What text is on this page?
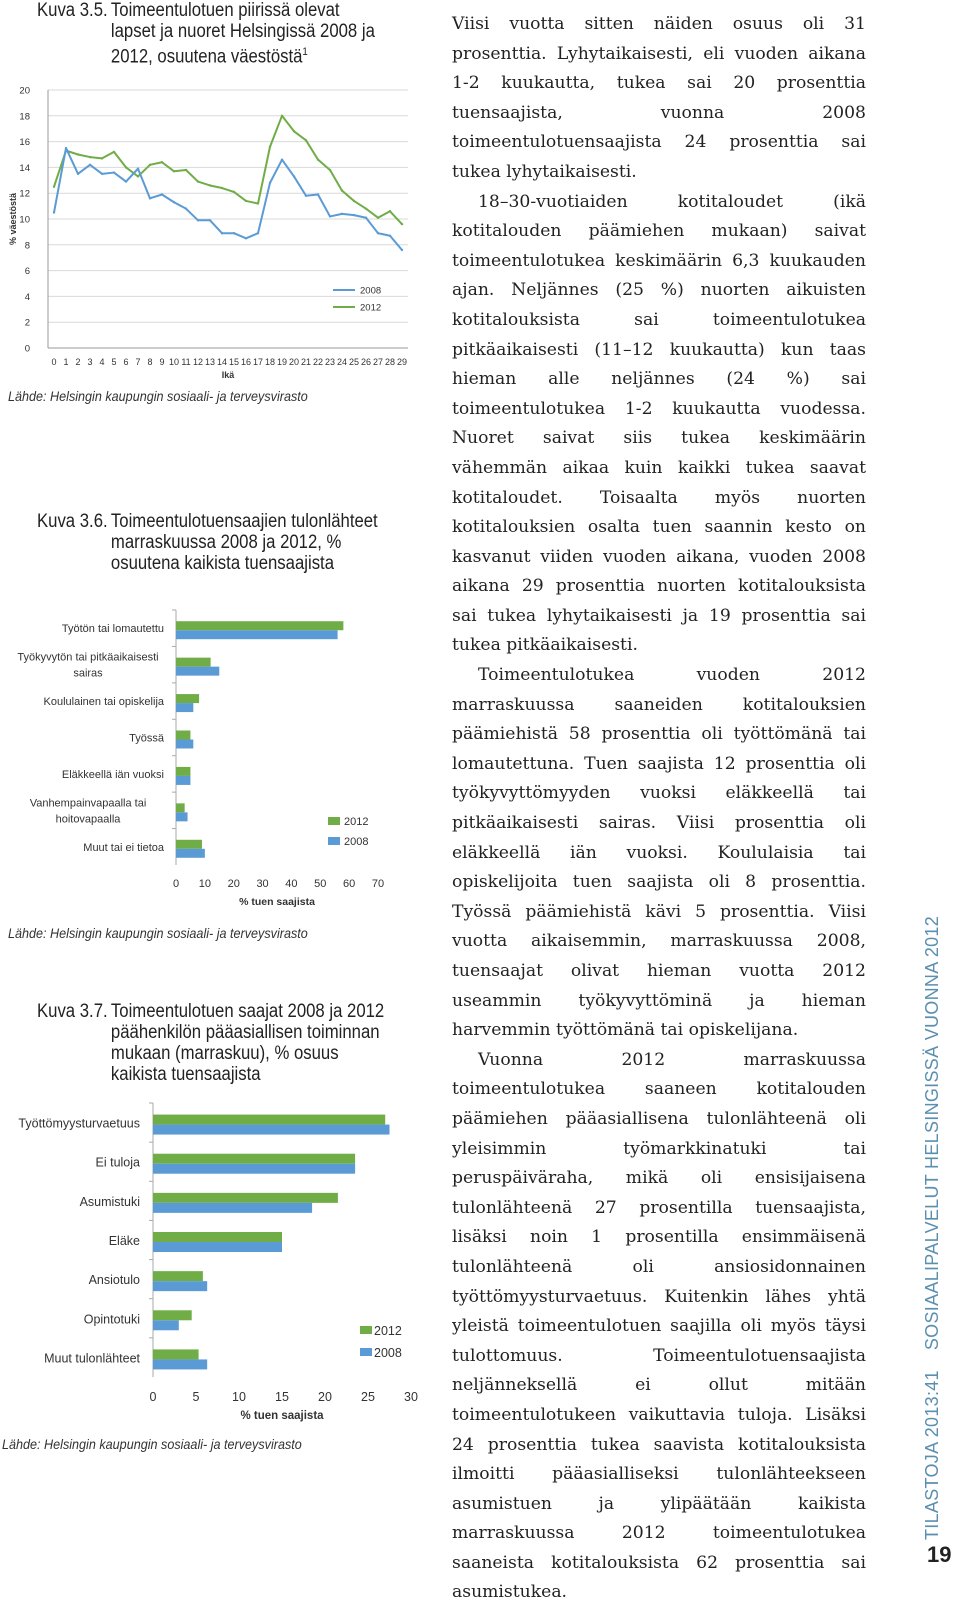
Kuva 3.5. Toimeentulotuen piirissä olevat
lapset ja nuoret Helsingissä 2008 ja
2012, osuutena väestöstä$^1$
0
2
4
6
8
10
12
14
16
18
20
0 1 2 3 4 5 6 7 8 9 10 11 12 13 14 15 16 17 18 19 20 21 22 23 24 25 26 27 28 29
Ikä
% väestöstä
2008
2012
Lähde: Helsingin kaupungin sosiaali- ja terveysvirasto
Kuva 3.6. Toimeentulotuensaajien tulonlähteet
marraskuussa 2008 ja 2012, %
osuutena kaikista tuensaajista
0 10 20 30 40 50 60 70
% tuen saajista
Työtön tai lomautettu
Työkyvytön tai pitkäaikaisesti
sairas
Koululainen tai opiskelija
Työssä
Eläkkeellä iän vuoksi
Vanhempainvapaalla tai
hoitovapaalla
Muut tai ei tietoa
2012
2008
Lähde: Helsingin kaupungin sosiaali- ja terveysvirasto
Kuva 3.7. Toimeentulotuen saajat 2008 ja 2012
päähenkilön pääasiallisen toiminnan
mukaan (marraskuu), % osuus
kaikista tuensaajista
0	5	10 15 20 25 30
% tuen saajista
Työttömyysturvaetuus
Ei tuloja
Asumistuki
Eläke
Ansiotulo
Opintotuki
Muut tulonlähteet
2012
2008
Lähde: Helsingin kaupungin sosiaali- ja terveysvirasto

Viisi vuotta sitten näiden osuus oli 31 prosenttia. Lyhytaikaisesti, eli vuoden aikana 1-2 kuukautta, tukea sai 20 prosenttia tuensaajista, vuonna 2008 toimeentulotuensaajista 24 prosenttia sai tukea lyhytaikaisesti.

18–30-vuotiaiden kotitaloudet (ikä kotitalouden päämiehen mukaan) saivat toimeentulotukea keskimäärin 6,3 kuukauden ajan. Neljännes (25 %) nuorten aikuisten kotitalouksista sai toimeentulotukea pitkäaikaisesti (11–12 kuukautta) kun taas hieman alle neljännes (24 %) sai toimeentulotukea 1-2 kuukautta vuodessa. Nuoret saivat siis tukea keskimäärin vähemmän aikaa kuin kaikki tukea saavat kotitaloudet. Toisaalta myös nuorten kotitalouksien osalta tuen saannin kesto on kasvanut viiden vuoden aikana, vuoden 2008 aikana 29 prosenttia nuorten kotitalouksista sai tukea lyhytaikaisesti ja 19 prosenttia sai tukea pitkäaikaisesti.

Toimeentulotukea vuoden 2012 marraskuussa saaneiden kotitalouksien päämiehistä 58 prosenttia oli työttömänä tai lomautettuna. Tuen saajista 12 prosenttia oli työkyvyttömyyden vuoksi eläkkeellä tai pitkäaikaisesti sairas. Viisi prosenttia oli eläkkeellä iän vuoksi. Koululaisia tai opiskelijoita tuen saajista oli 8 prosenttia. Työssä päämiehistä kävi 5 prosenttia. Viisi vuotta aikaisemmin, marraskuussa 2008, tuensaajat olivat hieman vuotta 2012 useammin työkyvyttöminä ja hieman harvemmin työttömänä tai opiskelijana.

Vuonna 2012 marraskuussa toimeentulotukea saaneen kotitalouden päämiehen pääasiallisena tulonlähteenä oli yleisimmin työmarkkinatuki tai peruspäiväraha, mikä oli ensisijaisena tulonlähteenä 27 prosentilla tuensaajista, lisäksi noin 1 prosentilla ensimmäisenä tulonlähteenä oli ansiosidonnainen työttömyysturvaetuus. Kuitenkin lähes yhtä yleistä toimeentulotuen saajilla oli myös täysi tulottomuus. Toimeentulotuensaajista neljänneksellä ei ollut mitään toimeentulotukeen vaikuttavia tuloja. Lisäksi 24 prosenttia tukea saavista kotitalouksista ilmoitti pääasialliseksi tulonlähteekseen asumistuen ja ylipäätään kaikista marraskuussa 2012 toimeentulotukea saaneista kotitalouksista 62 prosenttia sai asumistukea.

TILASTOJA 2013:41SOSIAALIPALVELUT HELSINGISSÄ VUONNA 2012
19
